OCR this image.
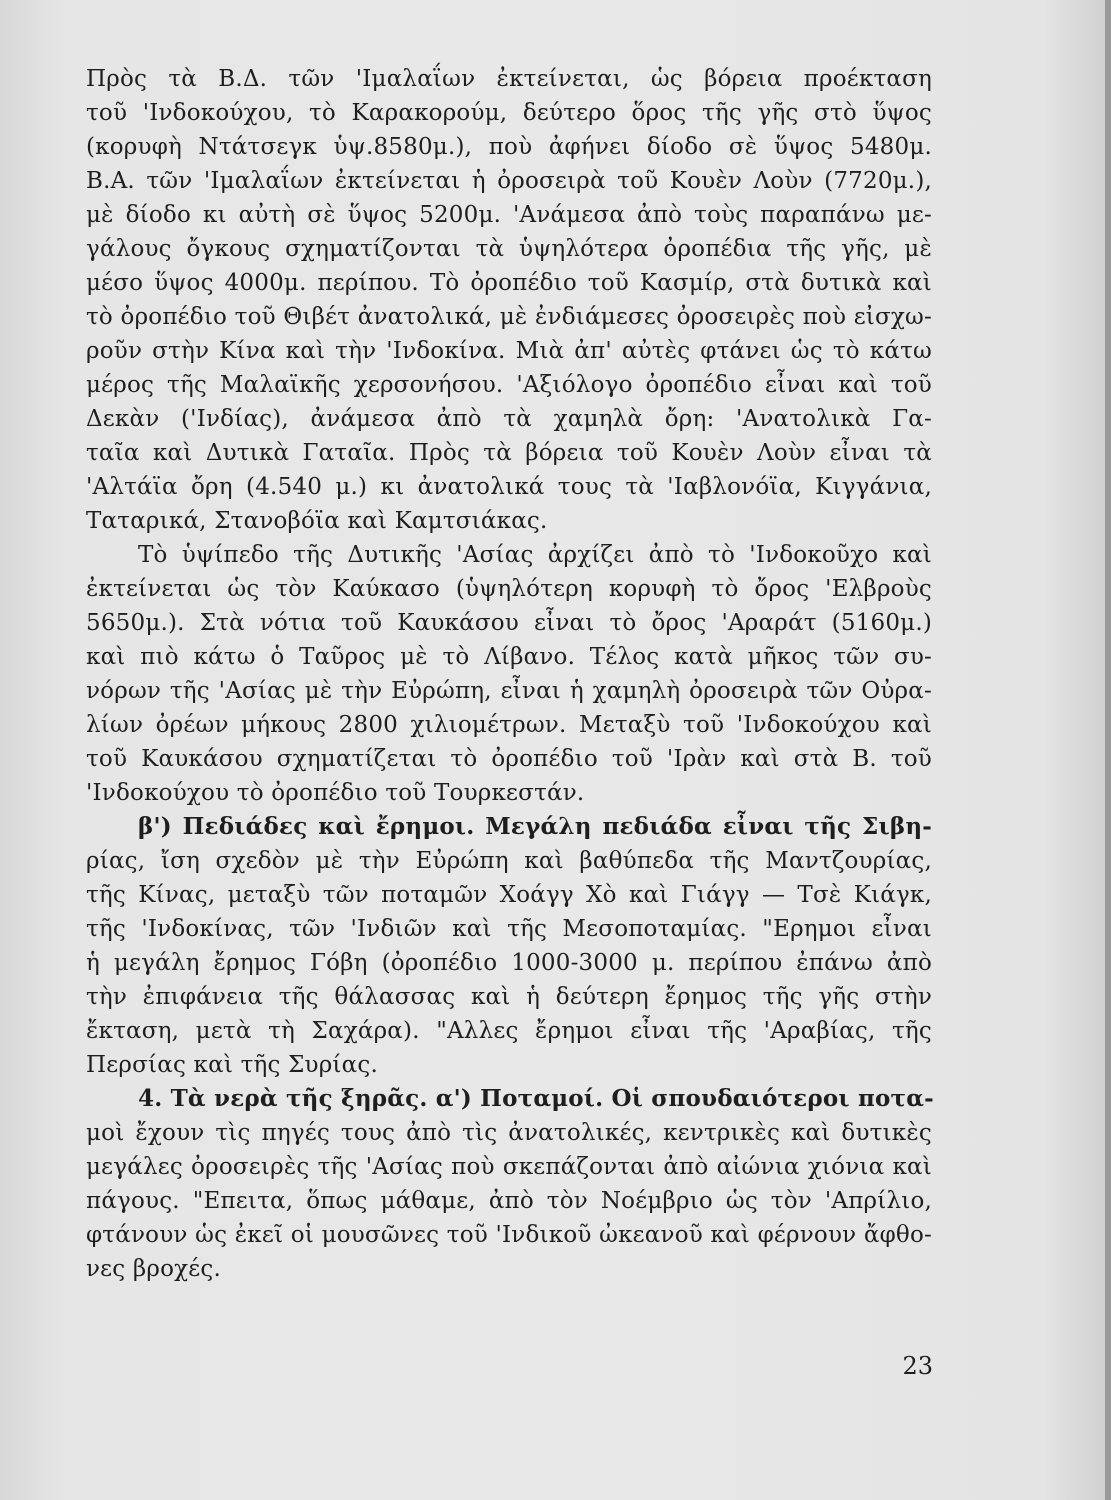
Πρὸς τὰ Β.Δ. τῶν 'Ιμαλαΐων ἐκτείνεται, ὡς βόρεια προέκταση
τοῦ 'Ινδοκούχου, τὸ Καρακορούμ, δεύτερο ὅρος τῆς γῆς στὸ ὕψος
(κορυφὴ Ντάτσεγκ ὑψ.8580μ.), ποὺ ἀφήνει δίοδο σὲ ὕψος 5480μ.
Β.Α. τῶν 'Ιμαλαΐων ἐκτείνεται ἡ ὀροσειρὰ τοῦ Κουὲν Λοὺν (7720μ.),
μὲ δίοδο κι αὐτὴ σὲ ὕψος 5200μ. 'Ανάμεσα ἀπὸ τοὺς παραπάνω με-
γάλους ὄγκους σχηματίζονται τὰ ὑψηλότερα ὀροπέδια τῆς γῆς, μὲ
μέσο ὕψος 4000μ. περίπου. Τὸ ὀροπέδιο τοῦ Κασμίρ, στὰ δυτικὰ καὶ
τὸ ὀροπέδιο τοῦ Θιβέτ ἀνατολικά, μὲ ἐνδιάμεσες ὀροσειρὲς ποὺ εἰσχω-
ροῦν στὴν Κίνα καὶ τὴν 'Ινδοκίνα. Μιὰ ἀπ' αὐτὲς φτάνει ὡς τὸ κάτω
μέρος τῆς Μαλαϊκῆς χερσονήσου. 'Αξιόλογο ὀροπέδιο εἶναι καὶ τοῦ
Δεκὰν ('Ινδίας), ἀνάμεσα ἀπὸ τὰ χαμηλὰ ὄρη: 'Ανατολικὰ Γα-
ταῖα καὶ Δυτικὰ Γαταῖα. Πρὸς τὰ βόρεια τοῦ Κουὲν Λοὺν εἶναι τὰ
'Αλτάϊα ὄρη (4.540 μ.) κι ἀνατολικά τους τὰ 'Ιαβλονόϊα, Κιγγάνια,
Ταταρικά, Στανοβόϊα καὶ Καμτσιάκας.
Τὸ ὑψίπεδο τῆς Δυτικῆς 'Ασίας ἀρχίζει ἀπὸ τὸ 'Ινδοκοῦχο καὶ
ἐκτείνεται ὡς τὸν Καύκασο (ὑψηλότερη κορυφὴ τὸ ὄρος 'Ελβροὺς
5650μ.). Στὰ νότια τοῦ Καυκάσου εἶναι τὸ ὄρος 'Αραράτ (5160μ.)
καὶ πιὸ κάτω ὁ Ταῦρος μὲ τὸ Λίβανο. Τέλος κατὰ μῆκος τῶν συ-
νόρων τῆς 'Ασίας μὲ τὴν Εὐρώπη, εἶναι ἡ χαμηλὴ ὀροσειρὰ τῶν Οὐρα-
λίων ὀρέων μήκους 2800 χιλιομέτρων. Μεταξὺ τοῦ 'Ινδοκούχου καὶ
τοῦ Καυκάσου σχηματίζεται τὸ ὀροπέδιο τοῦ 'Ιρὰν καὶ στὰ Β. τοῦ
'Ινδοκούχου τὸ ὀροπέδιο τοῦ Τουρκεστάν.
β') Πεδιάδες καὶ ἔρημοι. Μεγάλη πεδιάδα εἶναι τῆς Σιβη-
ρίας, ἴση σχεδὸν μὲ τὴν Εὐρώπη καὶ βαθύπεδα τῆς Μαντζουρίας,
τῆς Κίνας, μεταξὺ τῶν ποταμῶν Χοάγγ Χὸ καὶ Γιάγγ — Τσὲ Κιάγκ,
τῆς 'Ινδοκίνας, τῶν 'Ινδιῶν καὶ τῆς Μεσοποταμίας. "Ερημοι εἶναι
ἡ μεγάλη ἔρημος Γόβη (ὀροπέδιο 1000-3000 μ. περίπου ἐπάνω ἀπὸ
τὴν ἐπιφάνεια τῆς θάλασσας καὶ ἡ δεύτερη ἔρημος τῆς γῆς στὴν
ἔκταση, μετὰ τὴ Σαχάρα). "Αλλες ἔρημοι εἶναι τῆς 'Αραβίας, τῆς
Περσίας καὶ τῆς Συρίας.
4. Τὰ νερὰ τῆς ξηρᾶς. α') Ποταμοί. Οἱ σπουδαιότεροι ποτα-
μοὶ ἔχουν τὶς πηγές τους ἀπὸ τὶς ἀνατολικές, κεντρικὲς καὶ δυτικὲς
μεγάλες ὀροσειρὲς τῆς 'Ασίας ποὺ σκεπάζονται ἀπὸ αἰώνια χιόνια καὶ
πάγους. "Επειτα, ὅπως μάθαμε, ἀπὸ τὸν Νοέμβριο ὡς τὸν 'Απρίλιο,
φτάνουν ὡς ἐκεῖ οἱ μουσῶνες τοῦ 'Ινδικοῦ ὠκεανοῦ καὶ φέρνουν ἄφθο-
νες βροχές.
23
